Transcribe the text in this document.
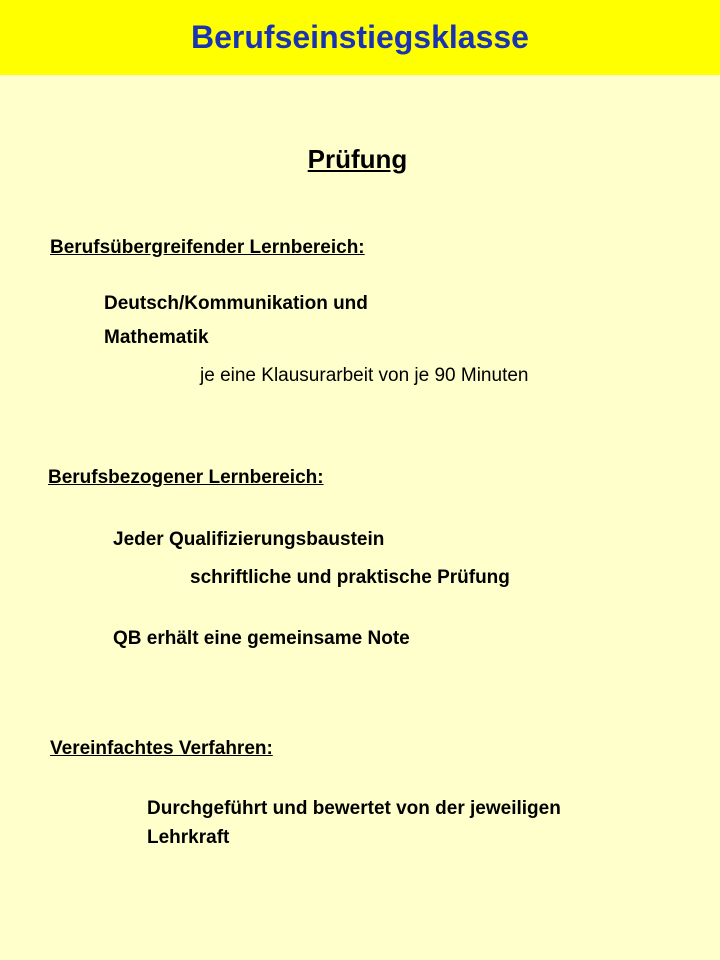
Berufseinstiegsklasse
Prüfung
Berufsübergreifender Lernbereich:
Deutsch/Kommunikation und
Mathematik
je eine Klausurarbeit von je 90 Minuten
Berufsbezogener Lernbereich:
Jeder Qualifizierungsbaustein
schriftliche und praktische Prüfung
QB erhält eine gemeinsame Note
Vereinfachtes Verfahren:
Durchgeführt und bewertet von der jeweiligen
Lehrkraft
